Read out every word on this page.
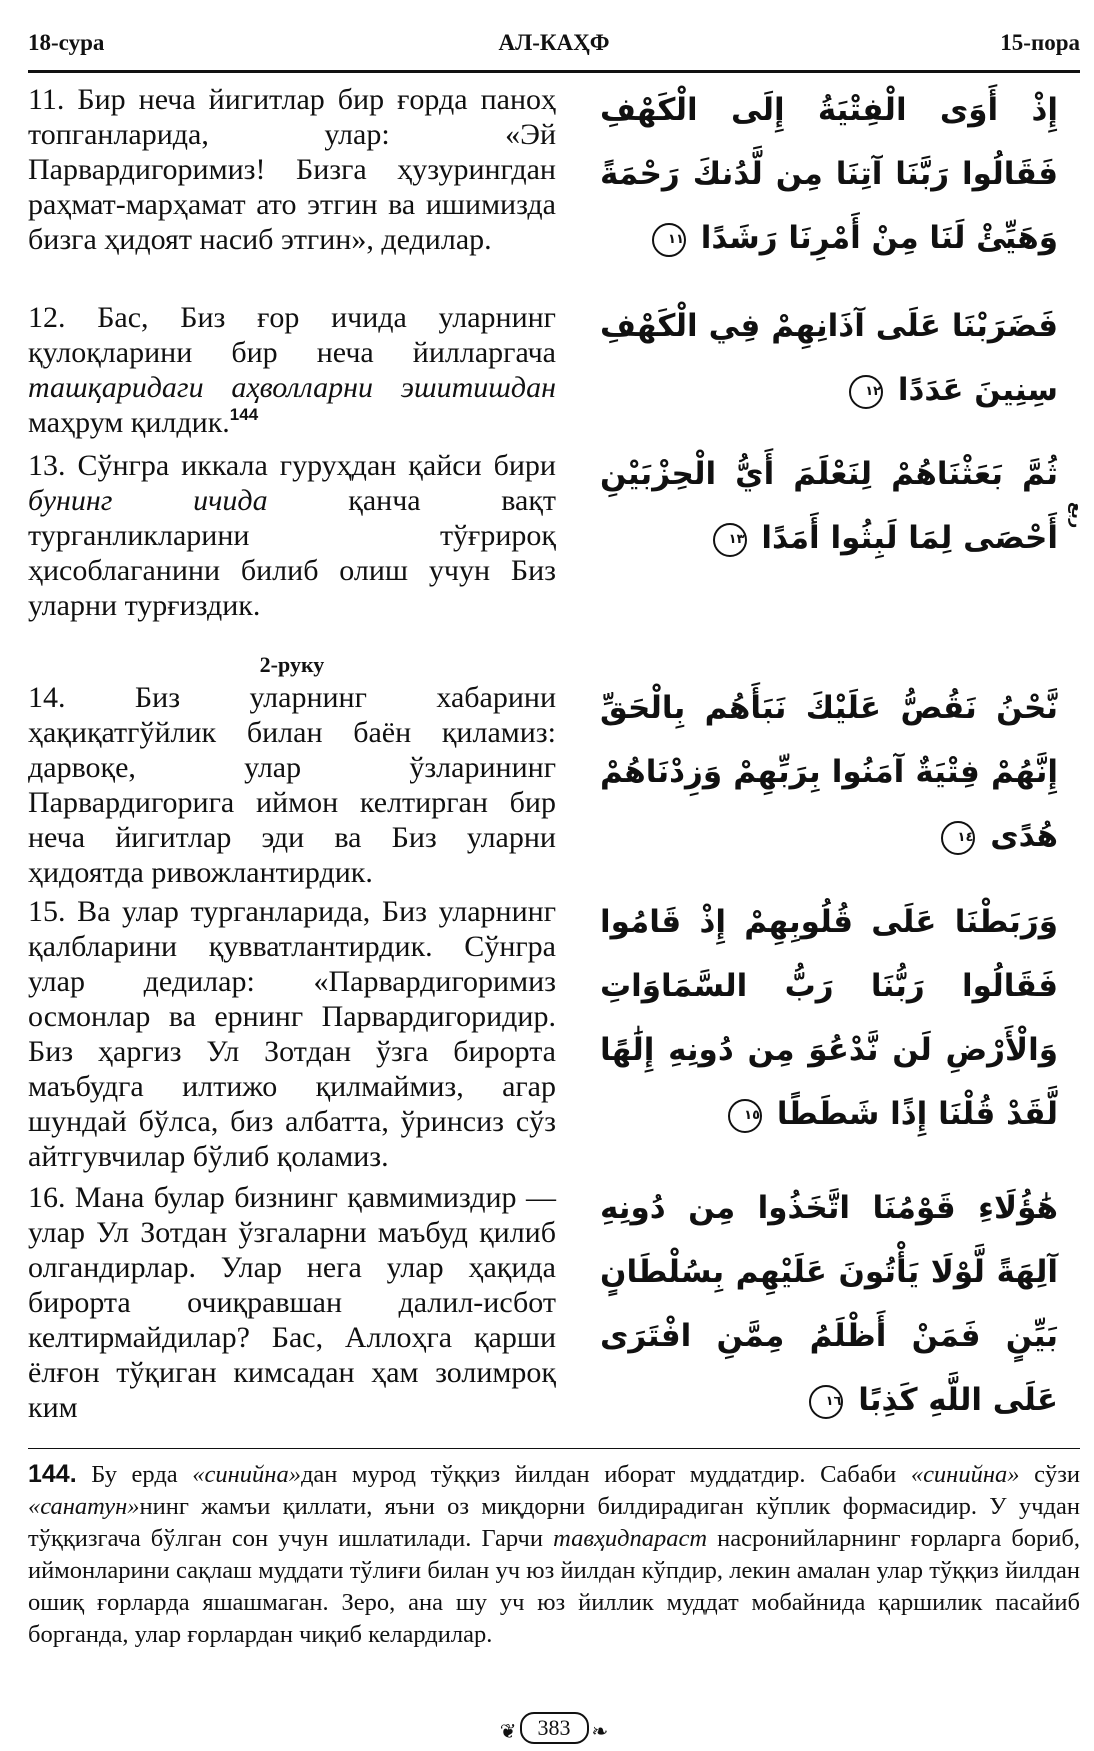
18-сура	АЛ-КАҲФ	15-пора
11. Бир неча йигитлар бир ғорда паноҳ топганларида, улар: «Эй Парвардигоримиз! Бизга ҳузурингдан раҳмат-марҳамат ато этгин ва ишимизда бизга ҳидоят насиб этгин», дедилар.
إِذْ أَوَى الْفِتْيَةُ إِلَى الْكَهْفِ فَقَالُوا رَبَّنَا آتِنَا مِن لَّدُنكَ رَحْمَةً وَهَيِّئْ لَنَا مِنْ أَمْرِنَا رَشَدًا ١١
12. Бас, Биз ғор ичида уларнинг қулоқларини бир неча йилларгача ташқаридаги аҳволларни эшитишдан маҳрум қилдик.$^{144}$
فَضَرَبْنَا عَلَى آذَانِهِمْ فِي الْكَهْفِ سِنِينَ عَدَدًا ١٢
13. Сўнгра иккала гуруҳдан қайси бири бунинг ичида қанча вақт турганликларини тўғрироқ ҳисоблаганини билиб олиш учун Биз уларни турғиздик.
ثُمَّ بَعَثْنَاهُمْ لِنَعْلَمَ أَيُّ الْحِزْبَيْنِ أَحْصَى لِمَا لَبِثُوا أَمَدًا ١٣
2-руку
14. Биз уларнинг хабарини ҳақиқатгўйлик билан баён қиламиз: дарвоқе, улар ўзларининг Парвардигорига иймон келтирган бир неча йигитлар эди ва Биз уларни ҳидоятда ривожлантирдик.
نَّحْنُ نَقُصُّ عَلَيْكَ نَبَأَهُم بِالْحَقِّ إِنَّهُمْ فِتْيَةٌ آمَنُوا بِرَبِّهِمْ وَزِدْنَاهُمْ هُدًى ١٤
15. Ва улар турганларида, Биз уларнинг қалбларини қувватлантирдик. Сўнгра улар дедилар: «Парвардигоримиз осмонлар ва ернинг Парвардигоридир. Биз ҳаргиз Ул Зотдан ўзга бирорта маъбудга илтижо қилмаймиз, агар шундай бўлса, биз албатта, ўринсиз сўз айтгувчилар бўлиб қоламиз.
وَرَبَطْنَا عَلَى قُلُوبِهِمْ إِذْ قَامُوا فَقَالُوا رَبُّنَا رَبُّ السَّمَاوَاتِ وَالْأَرْضِ لَن نَّدْعُوَ مِن دُونِهِ إِلَٰهًا لَّقَدْ قُلْنَا إِذًا شَطَطًا ١٥
16. Мана булар бизнинг қавмимиздир — улар Ул Зотдан ўзгаларни маъбуд қилиб олгандирлар. Улар нега улар ҳақида бирорта очиқравшан далил-исбот келтирмайдилар? Бас, Аллоҳга қарши ёлғон тўқиган кимсадан ҳам золимроқ ким
هَٰؤُلَاءِ قَوْمُنَا اتَّخَذُوا مِن دُونِهِ آلِهَةً لَّوْلَا يَأْتُونَ عَلَيْهِم بِسُلْطَانٍ بَيِّنٍ فَمَنْ أَظْلَمُ مِمَّنِ افْتَرَى عَلَى اللَّهِ كَذِبًا ١٦
ربع
144. Бу ерда «синийна»дан мурод тўққиз йилдан иборат муддатдир. Сабаби «синийна» сўзи «санатун»нинг жамъи қиллати, яъни оз миқдорни билдирадиган кўплик формасидир. У учдан тўққизгача бўлган сон учун ишлатилади. Гарчи тавҳидпараст насронийларнинг ғорларга бориб, иймонларини сақлаш муддати тўлиғи билан уч юз йилдан кўпдир, лекин амалан улар тўққиз йилдан ошиқ ғорларда яшашмаган. Зеро, ана шу уч юз йиллик муддат мобайнида қаршилик пасайиб борганда, улар ғорлардан чиқиб келардилар.
❦ 383 ❧
